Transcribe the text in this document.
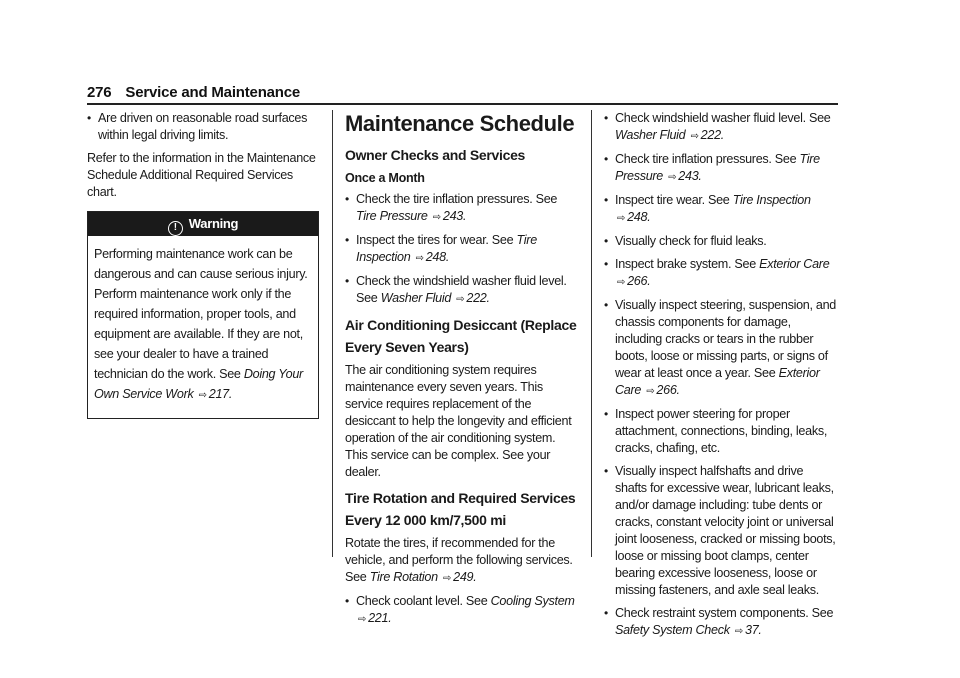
276 Service and Maintenance
• Are driven on reasonable road surfaces within legal driving limits.
Refer to the information in the Maintenance Schedule Additional Required Services chart.
! Warning
Performing maintenance work can be dangerous and can cause serious injury. Perform maintenance work only if the required information, proper tools, and equipment are available. If they are not, see your dealer to have a trained technician do the work. See Doing Your Own Service Work ⇨ 217.
Maintenance Schedule
Owner Checks and Services
Once a Month
• Check the tire inflation pressures. See Tire Pressure ⇨ 243.
• Inspect the tires for wear. See Tire Inspection ⇨ 248.
• Check the windshield washer fluid level. See Washer Fluid ⇨ 222.
Air Conditioning Desiccant (Replace Every Seven Years)
The air conditioning system requires maintenance every seven years. This service requires replacement of the desiccant to help the longevity and efficient operation of the air conditioning system. This service can be complex. See your dealer.
Tire Rotation and Required Services Every 12 000 km/7,500 mi
Rotate the tires, if recommended for the vehicle, and perform the following services. See Tire Rotation ⇨ 249.
• Check coolant level. See Cooling System ⇨ 221.
• Check windshield washer fluid level. See Washer Fluid ⇨ 222.
• Check tire inflation pressures. See Tire Pressure ⇨ 243.
• Inspect tire wear. See Tire Inspection ⇨ 248.
• Visually check for fluid leaks.
• Inspect brake system. See Exterior Care ⇨ 266.
• Visually inspect steering, suspension, and chassis components for damage, including cracks or tears in the rubber boots, loose or missing parts, or signs of wear at least once a year. See Exterior Care ⇨ 266.
• Inspect power steering for proper attachment, connections, binding, leaks, cracks, chafing, etc.
• Visually inspect halfshafts and drive shafts for excessive wear, lubricant leaks, and/or damage including: tube dents or cracks, constant velocity joint or universal joint looseness, cracked or missing boots, loose or missing boot clamps, center bearing excessive looseness, loose or missing fasteners, and axle seal leaks.
• Check restraint system components. See Safety System Check ⇨ 37.
